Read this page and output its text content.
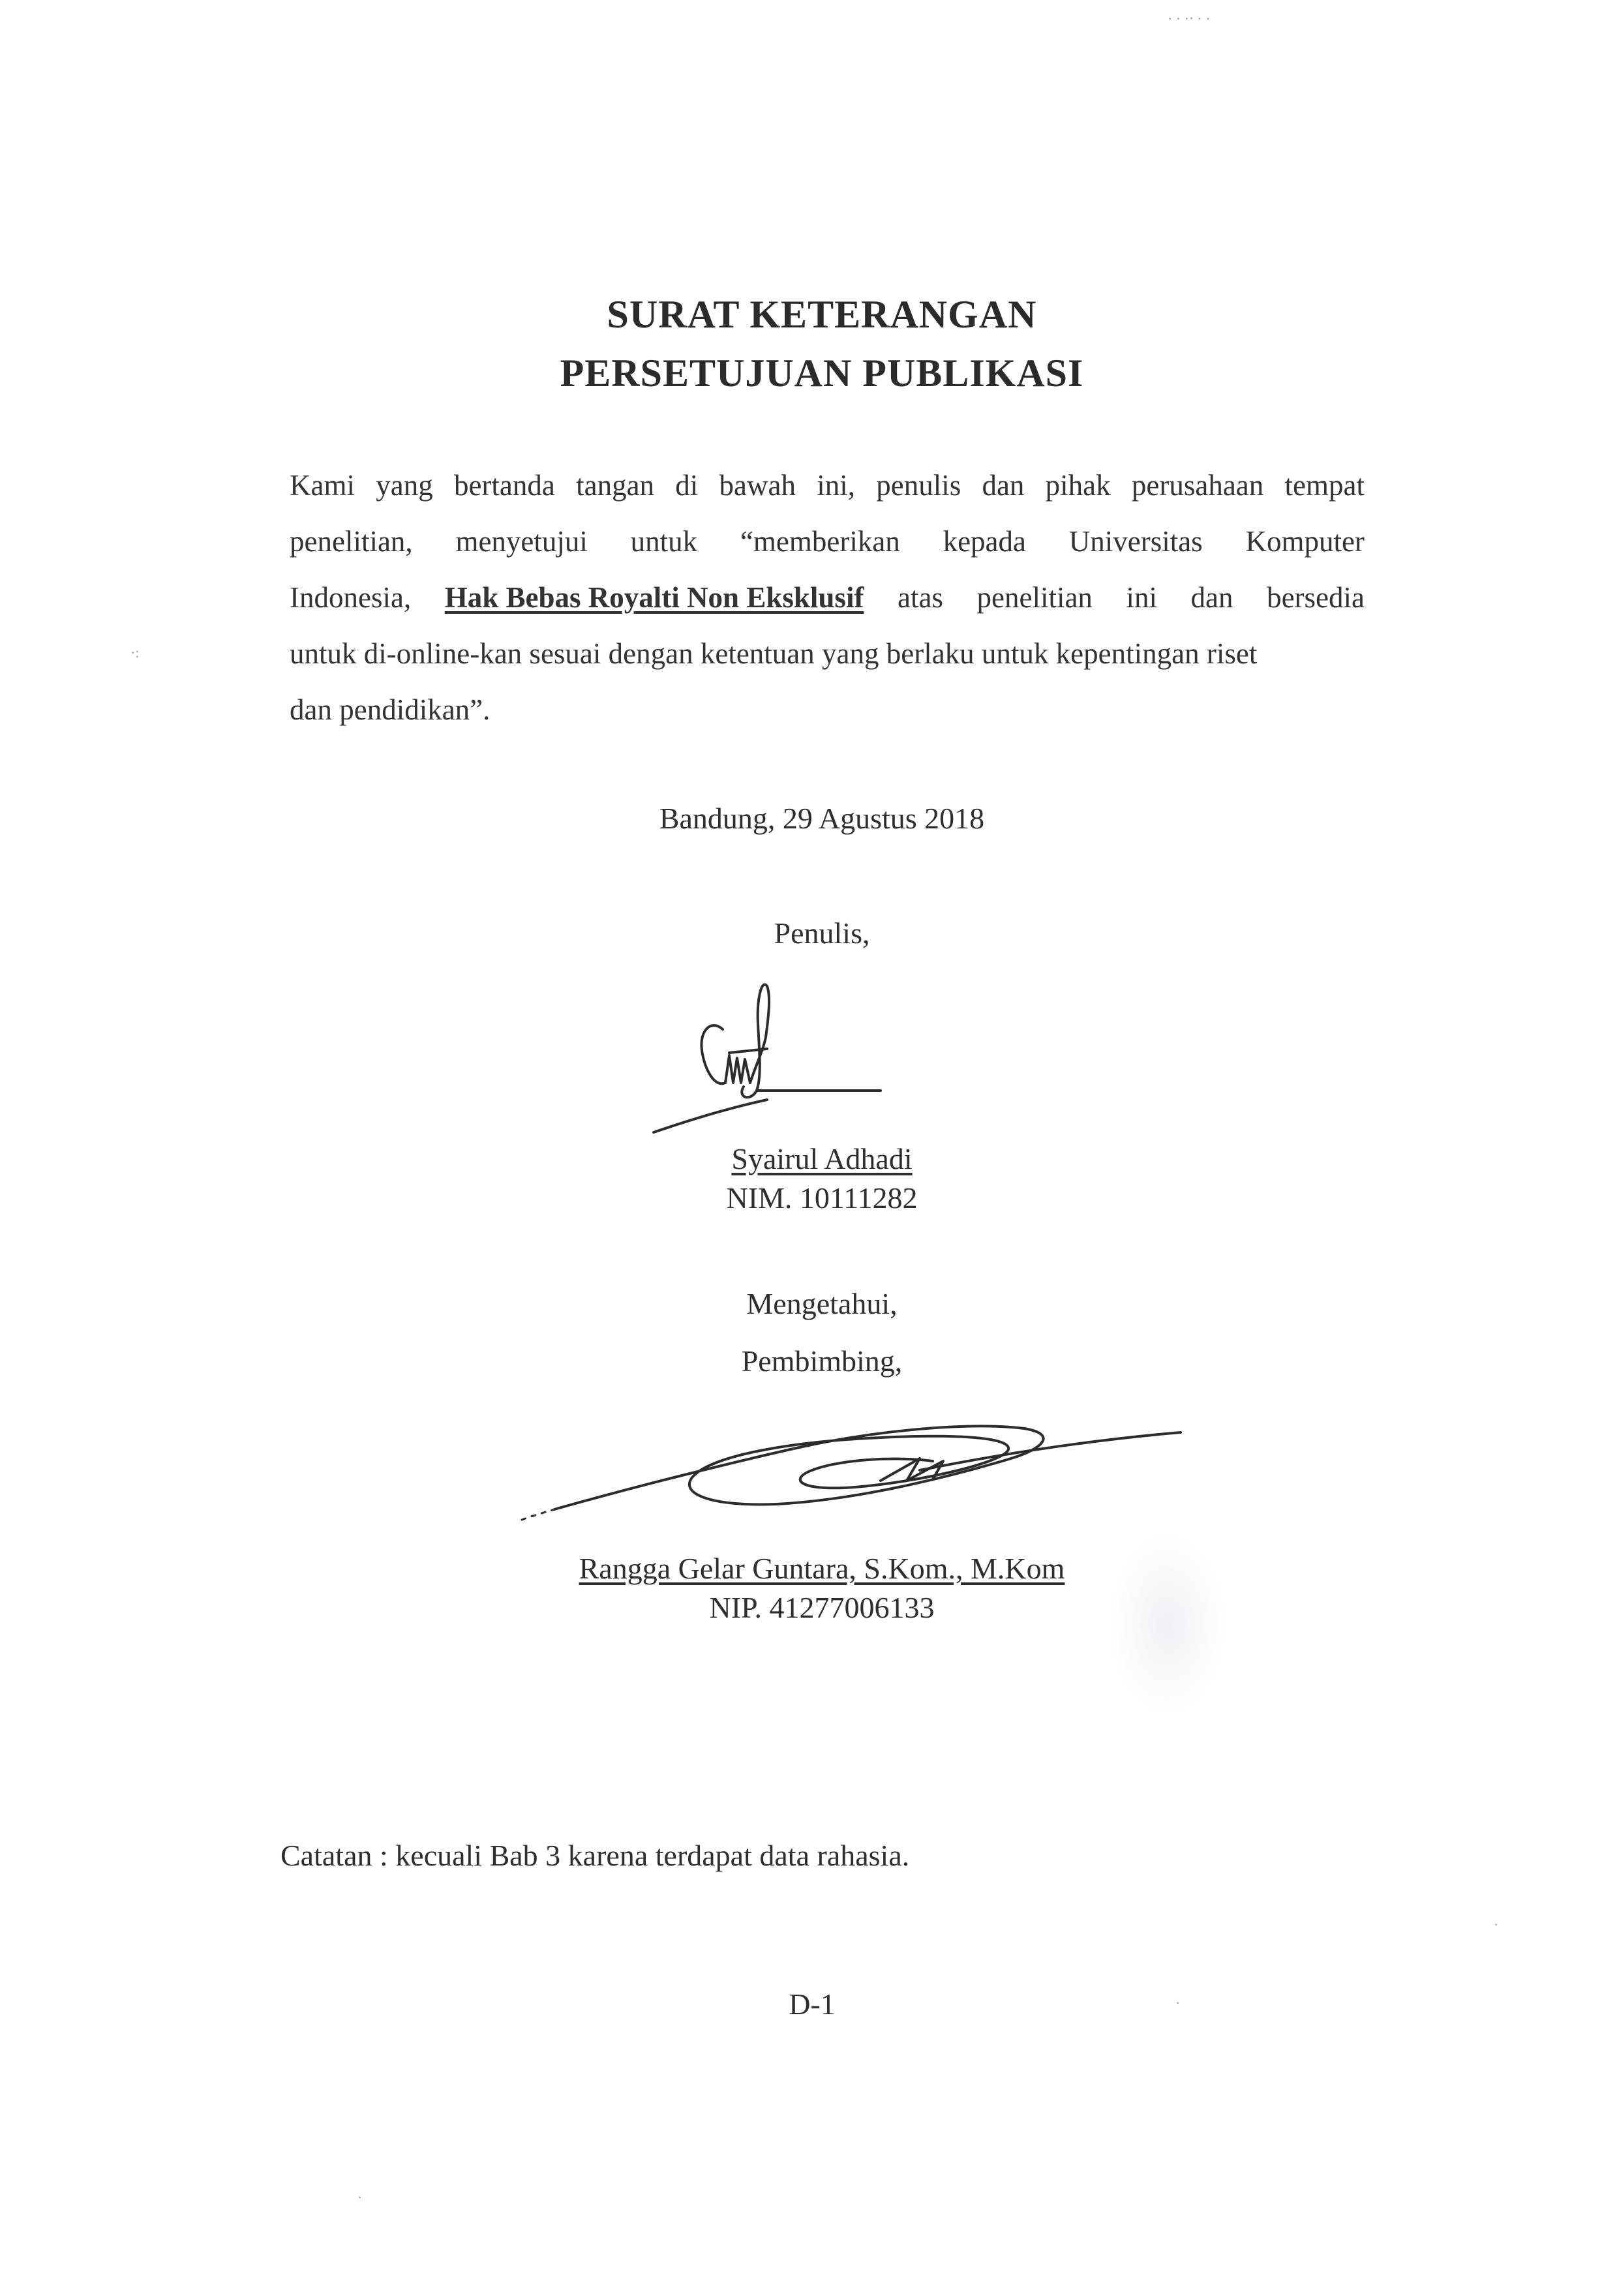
· · ·‧ · ·
·:
·
·
·
SURAT KETERANGAN
PERSETUJUAN PUBLIKASI
Kami yang bertanda tangan di bawah ini, penulis dan pihak perusahaan tempat
penelitian, menyetujui untuk “memberikan kepada Universitas Komputer
Indonesia, Hak Bebas Royalti Non Eksklusif atas penelitian ini dan bersedia
untuk di-online-kan sesuai dengan ketentuan yang berlaku untuk kepentingan riset
dan pendidikan”.
Bandung, 29 Agustus 2018
Penulis,
Syairul Adhadi
NIM. 10111282
Mengetahui,
Pembimbing,
Rangga Gelar Guntara, S.Kom., M.Kom
NIP. 41277006133
Catatan : kecuali Bab 3 karena terdapat data rahasia.
D-1
